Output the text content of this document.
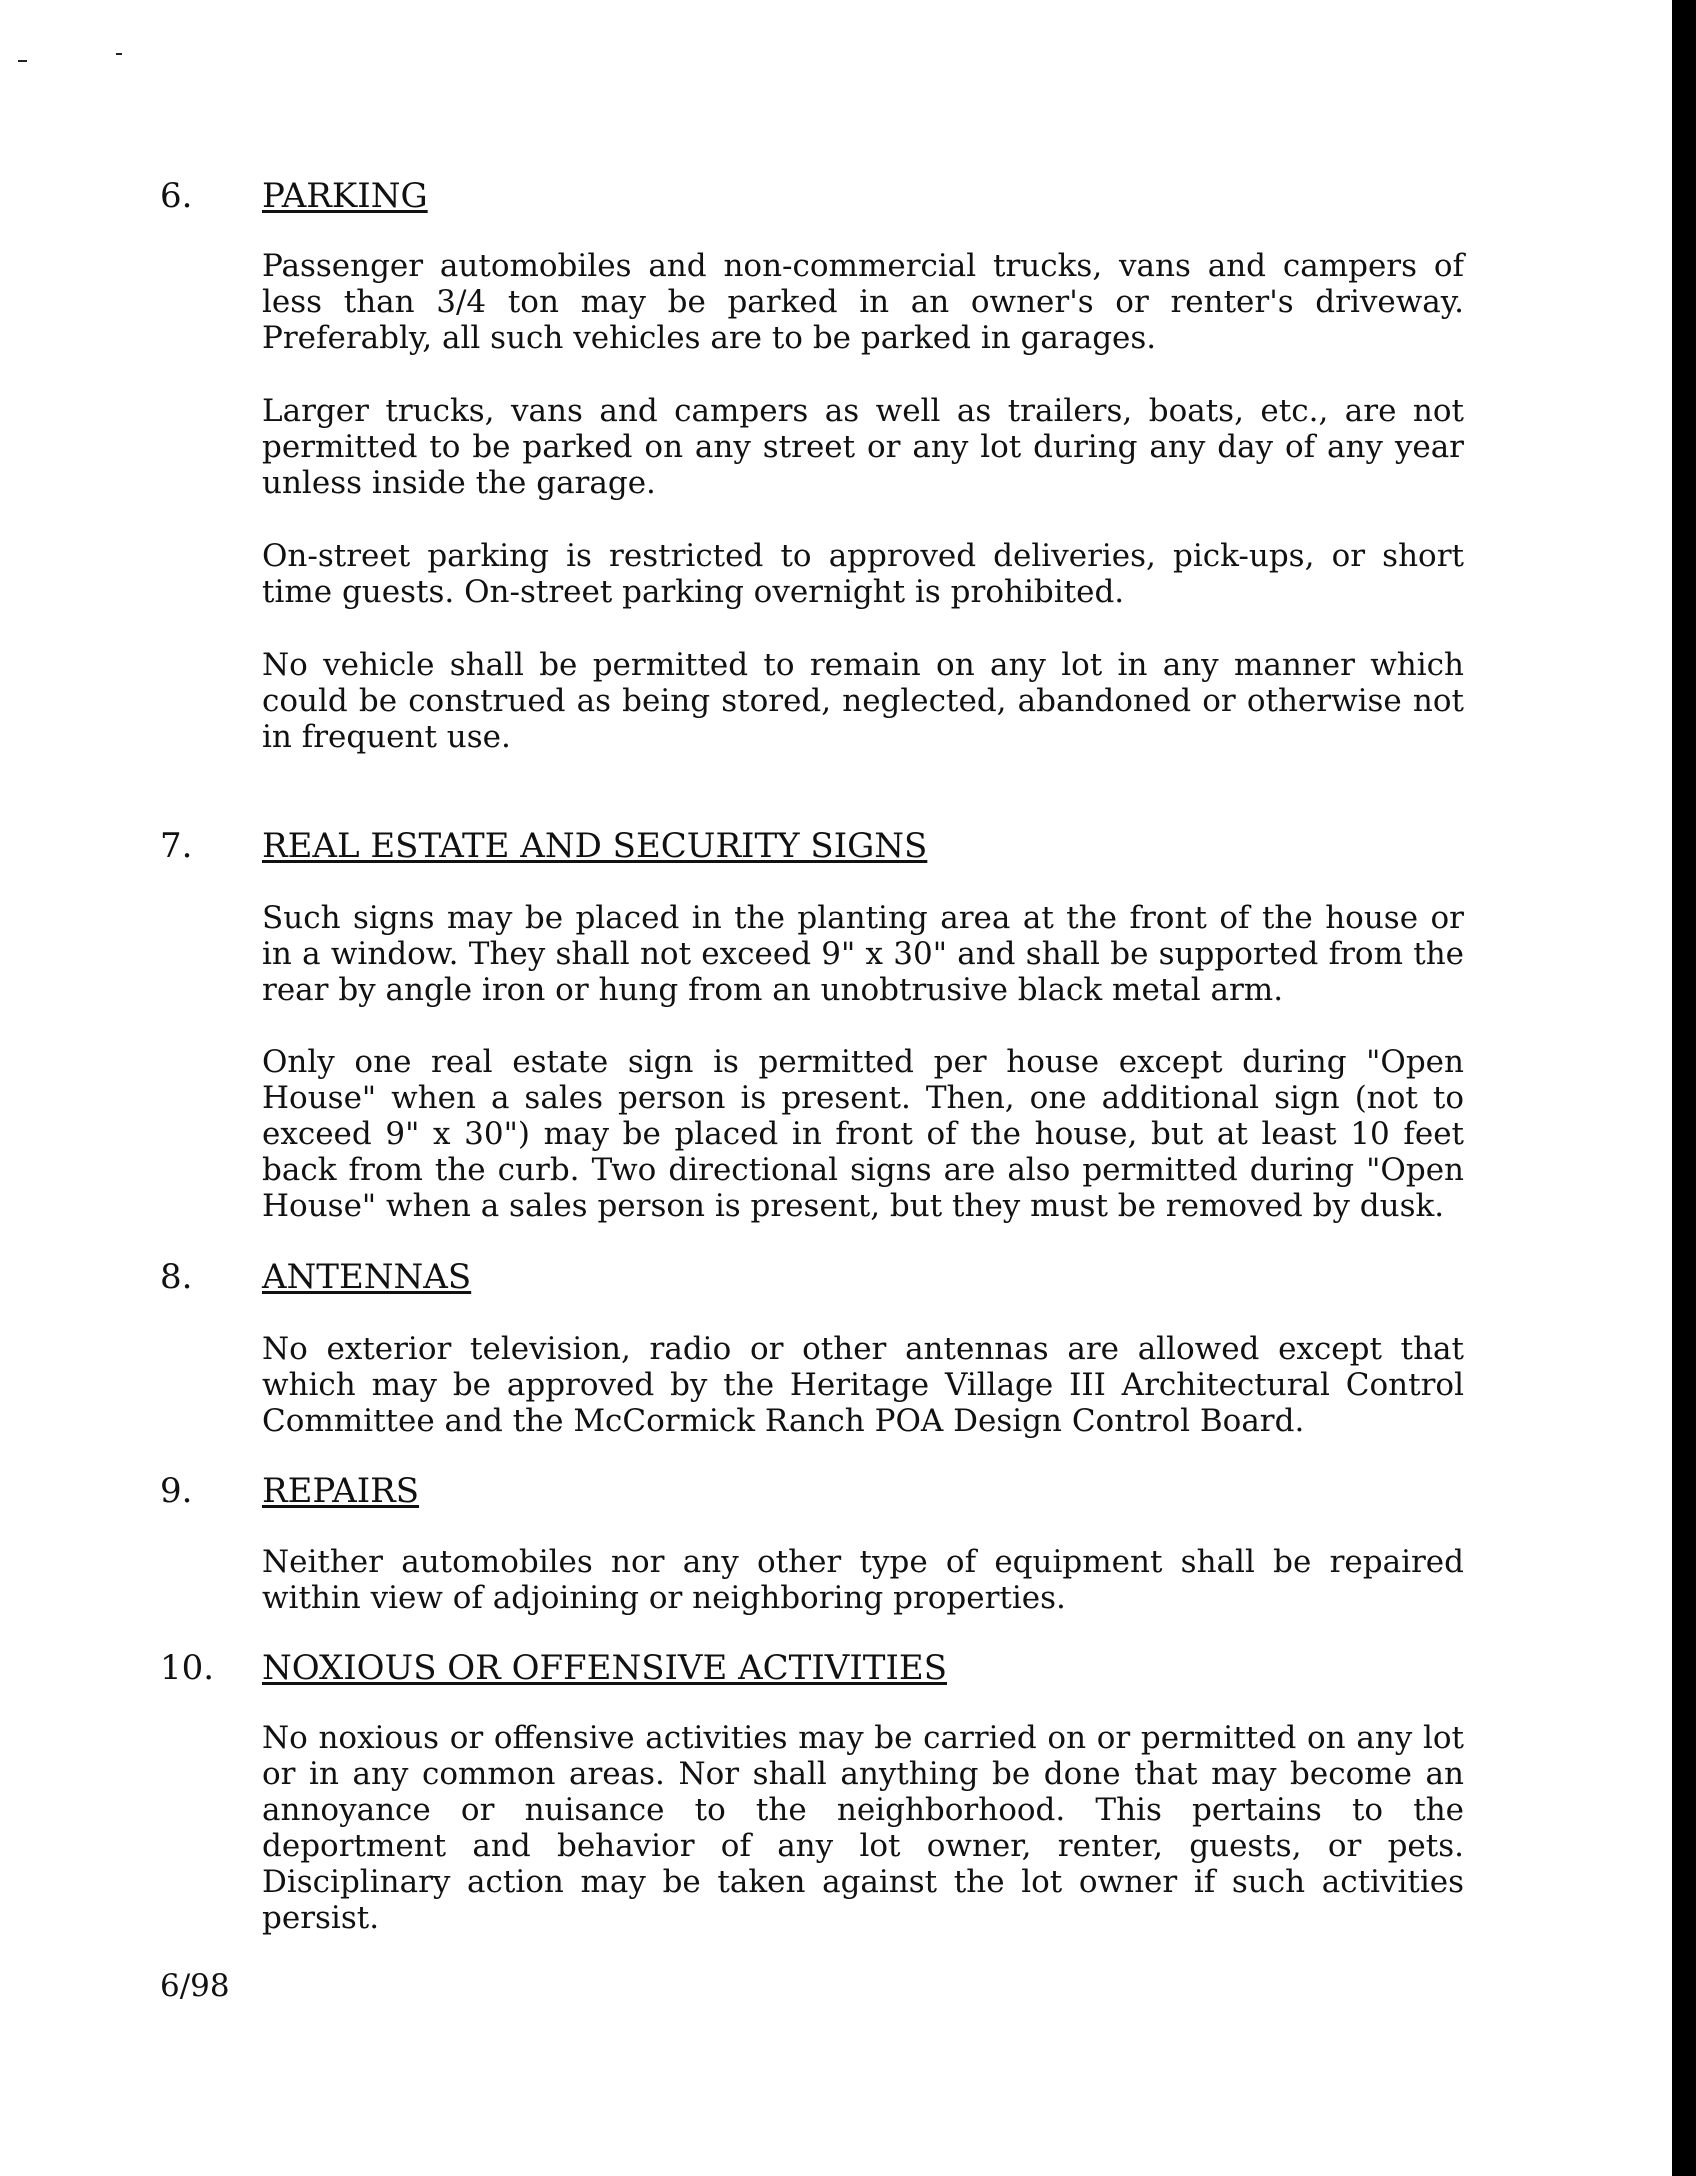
6. PARKING
Passenger automobiles and non-commercial trucks, vans and campers of less than 3/4 ton may be parked in an owner's or renter's driveway. Preferably, all such vehicles are to be parked in garages.
Larger trucks, vans and campers as well as trailers, boats, etc., are not permitted to be parked on any street or any lot during any day of any year unless inside the garage.
On-street parking is restricted to approved deliveries, pick-ups, or short time guests. On-street parking overnight is prohibited.
No vehicle shall be permitted to remain on any lot in any manner which could be construed as being stored, neglected, abandoned or otherwise not in frequent use.
7. REAL ESTATE AND SECURITY SIGNS
Such signs may be placed in the planting area at the front of the house or in a window. They shall not exceed 9" x 30" and shall be supported from the rear by angle iron or hung from an unobtrusive black metal arm.
Only one real estate sign is permitted per house except during "Open House" when a sales person is present. Then, one additional sign (not to exceed 9" x 30") may be placed in front of the house, but at least 10 feet back from the curb. Two directional signs are also permitted during "Open House" when a sales person is present, but they must be removed by dusk.
8. ANTENNAS
No exterior television, radio or other antennas are allowed except that which may be approved by the Heritage Village III Architectural Control Committee and the McCormick Ranch POA Design Control Board.
9. REPAIRS
Neither automobiles nor any other type of equipment shall be repaired within view of adjoining or neighboring properties.
10. NOXIOUS OR OFFENSIVE ACTIVITIES
No noxious or offensive activities may be carried on or permitted on any lot or in any common areas. Nor shall anything be done that may become an annoyance or nuisance to the neighborhood. This pertains to the deportment and behavior of any lot owner, renter, guests, or pets. Disciplinary action may be taken against the lot owner if such activities persist.
6/98
